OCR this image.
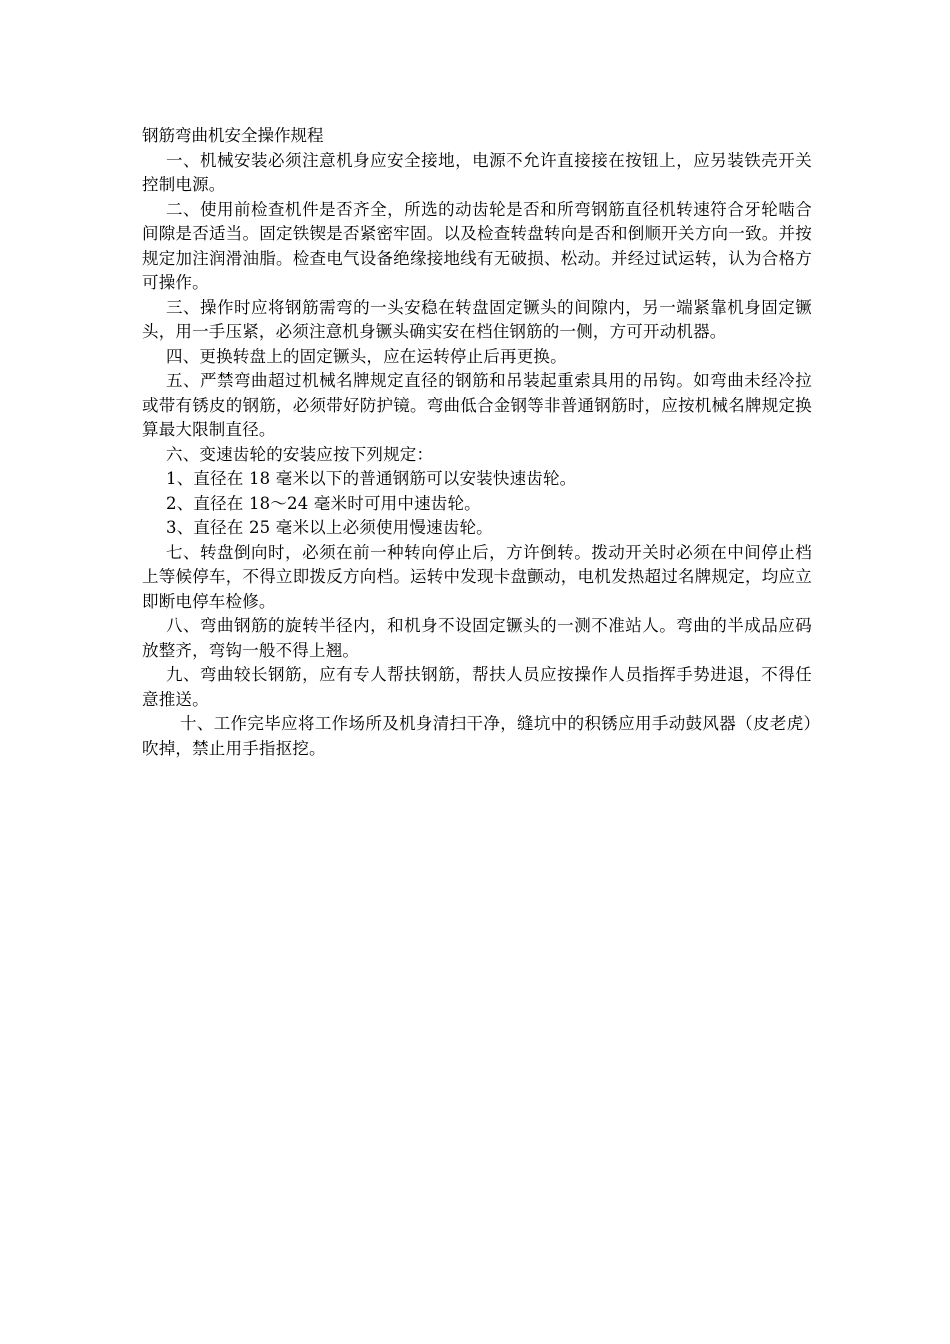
钢筋弯曲机安全操作规程

一、机械安装必须注意机身应安全接地，电源不允许直接接在按钮上，应另装铁壳开关控制电源。

二、使用前检查机件是否齐全，所选的动齿轮是否和所弯钢筋直径机转速符合牙轮啮合间隙是否适当。固定铁锲是否紧密牢固。以及检查转盘转向是否和倒顺开关方向一致。并按规定加注润滑油脂。检查电气设备绝缘接地线有无破损、松动。并经过试运转，认为合格方可操作。

三、操作时应将钢筋需弯的一头安稳在转盘固定镢头的间隙内，另一端紧靠机身固定镢头，用一手压紧，必须注意机身镢头确实安在档住钢筋的一侧，方可开动机器。

四、更换转盘上的固定镢头，应在运转停止后再更换。

五、严禁弯曲超过机械名牌规定直径的钢筋和吊装起重索具用的吊钩。如弯曲未经冷拉或带有锈皮的钢筋，必须带好防护镜。弯曲低合金钢等非普通钢筋时，应按机械名牌规定换算最大限制直径。

六、变速齿轮的安装应按下列规定：

1、直径在 18 毫米以下的普通钢筋可以安装快速齿轮。

2、直径在 18～24 毫米时可用中速齿轮。

3、直径在 25 毫米以上必须使用慢速齿轮。

七、转盘倒向时，必须在前一种转向停止后，方许倒转。拨动开关时必须在中间停止档上等候停车，不得立即拨反方向档。运转中发现卡盘颤动，电机发热超过名牌规定，均应立即断电停车检修。

八、弯曲钢筋的旋转半径内，和机身不设固定镢头的一测不准站人。弯曲的半成品应码放整齐，弯钩一般不得上翘。

九、弯曲较长钢筋，应有专人帮扶钢筋，帮扶人员应按操作人员指挥手势进退，不得任意推送。

十、工作完毕应将工作场所及机身清扫干净，缝坑中的积锈应用手动鼓风器（皮老虎）吹掉，禁止用手指抠挖。
